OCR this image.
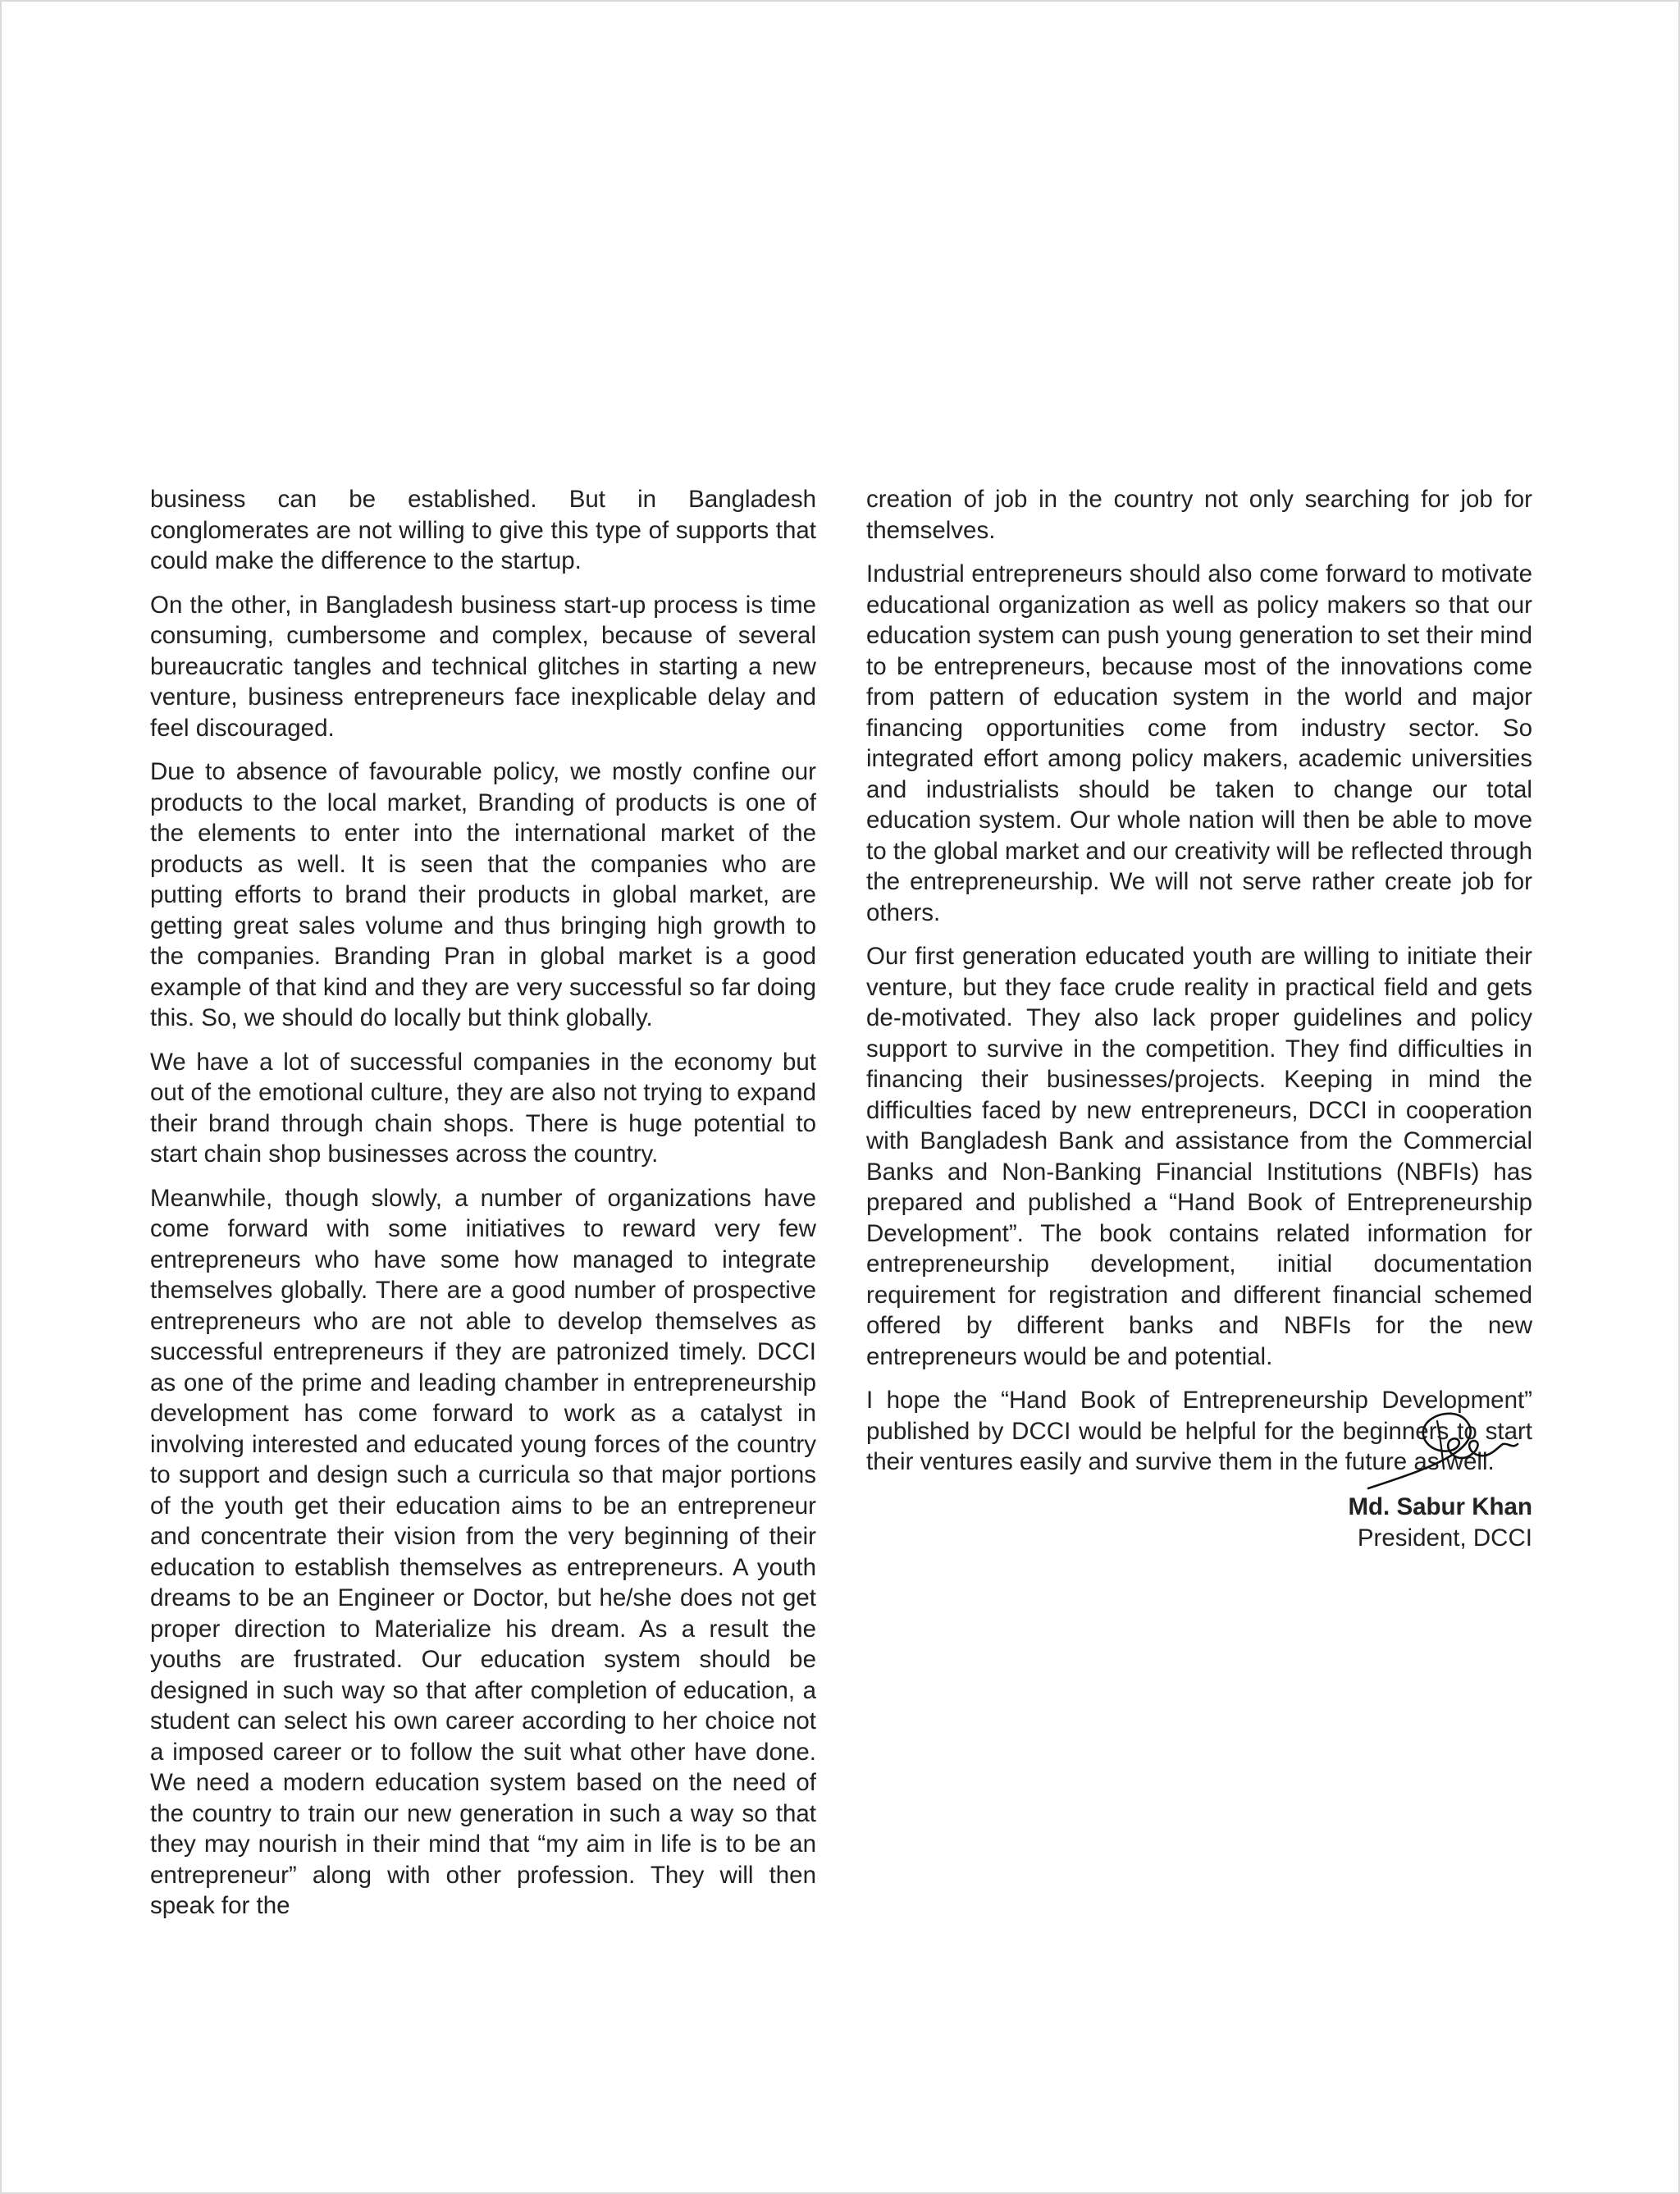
business can be established. But in Bangladesh conglomerates are not willing to give this type of supports that could make the difference to the startup.

On the other, in Bangladesh business start-up process is time consuming, cumbersome and complex, because of several bureaucratic tangles and technical glitches in starting a new venture, business entrepreneurs face inexplicable delay and feel discouraged.

Due to absence of favourable policy, we mostly confine our products to the local market, Branding of products is one of the elements to enter into the international market of the products as well. It is seen that the companies who are putting efforts to brand their products in global market, are getting great sales volume and thus bringing high growth to the companies. Branding Pran in global market is a good example of that kind and they are very successful so far doing this. So, we should do locally but think globally.

We have a lot of successful companies in the economy but out of the emotional culture, they are also not trying to expand their brand through chain shops. There is huge potential to start chain shop businesses across the country.

Meanwhile, though slowly, a number of organizations have come forward with some initiatives to reward very few entrepreneurs who have some how managed to integrate themselves globally. There are a good number of prospective entrepreneurs who are not able to develop themselves as successful entrepreneurs if they are patronized timely. DCCI as one of the prime and leading chamber in entrepreneurship development has come forward to work as a catalyst in involving interested and educated young forces of the country to support and design such a curricula so that major portions of the youth get their education aims to be an entrepreneur and concentrate their vision from the very beginning of their education to establish themselves as entrepreneurs. A youth dreams to be an Engineer or Doctor, but he/she does not get proper direction to Materialize his dream. As a result the youths are frustrated. Our education system should be designed in such way so that after completion of education, a student can select his own career according to her choice not a imposed career or to follow the suit what other have done. We need a modern education system based on the need of the country to train our new generation in such a way so that they may nourish in their mind that “my aim in life is to be an entrepreneur” along with other profession. They will then speak for the

creation of job in the country not only searching for job for themselves.

Industrial entrepreneurs should also come forward to motivate educational organization as well as policy makers so that our education system can push young generation to set their mind to be entrepreneurs, because most of the innovations come from pattern of education system in the world and major financing opportunities come from industry sector. So integrated effort among policy makers, academic universities and industrialists should be taken to change our total education system. Our whole nation will then be able to move to the global market and our creativity will be reflected through the entrepreneurship. We will not serve rather create job for others.

Our first generation educated youth are willing to initiate their venture, but they face crude reality in practical field and gets de-motivated. They also lack proper guidelines and policy support to survive in the competition. They find difficulties in financing their businesses/projects. Keeping in mind the difficulties faced by new entrepreneurs, DCCI in cooperation with Bangladesh Bank and assistance from the Commercial Banks and Non-Banking Financial Institutions (NBFIs) has prepared and published a “Hand Book of Entrepreneurship Development”. The book contains related information for entrepreneurship development, initial documentation requirement for registration and different financial schemed offered by different banks and NBFIs for the new entrepreneurs would be and potential.

I hope the “Hand Book of Entrepreneurship Development” published by DCCI would be helpful for the beginners to start their ventures easily and survive them in the future as well.

Md. Sabur Khan
President, DCCI
